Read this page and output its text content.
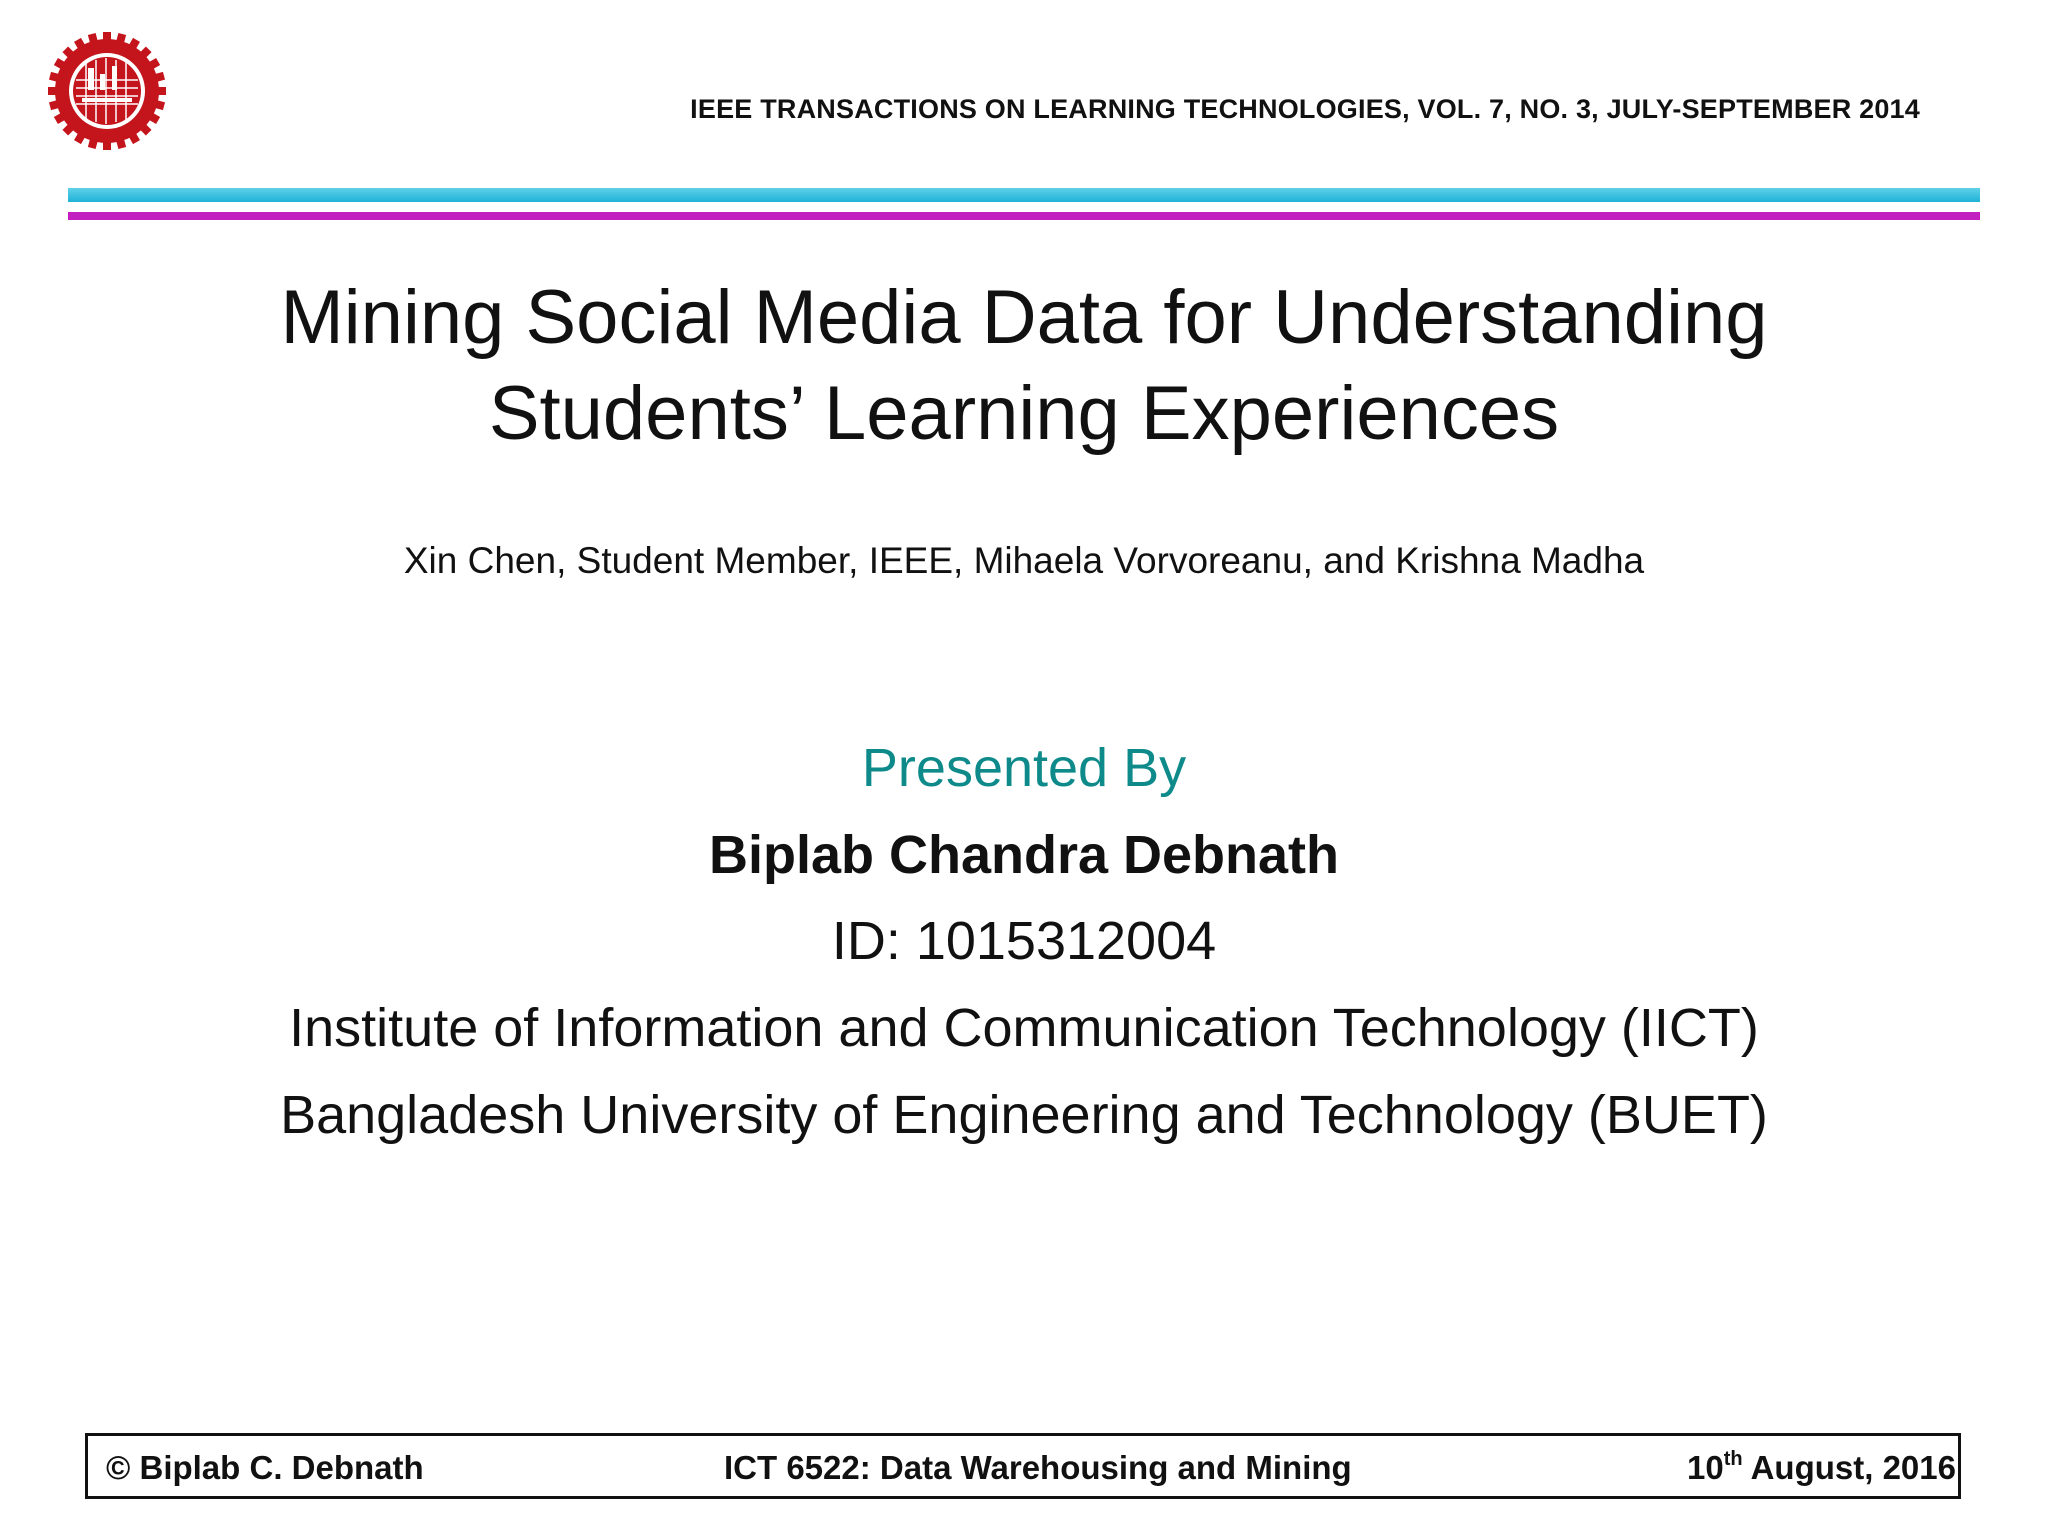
IEEE TRANSACTIONS ON LEARNING TECHNOLOGIES, VOL. 7, NO. 3, JULY-SEPTEMBER 2014
Mining Social Media Data for Understanding
Students’ Learning Experiences
Xin Chen, Student Member, IEEE, Mihaela Vorvoreanu, and Krishna Madha
Presented By
Biplab Chandra Debnath
ID: 1015312004
Institute of Information and Communication Technology (IICT)
Bangladesh University of Engineering and Technology (BUET)
© Biplab C. Debnath	ICT 6522: Data Warehousing and Mining	10th August, 2016
